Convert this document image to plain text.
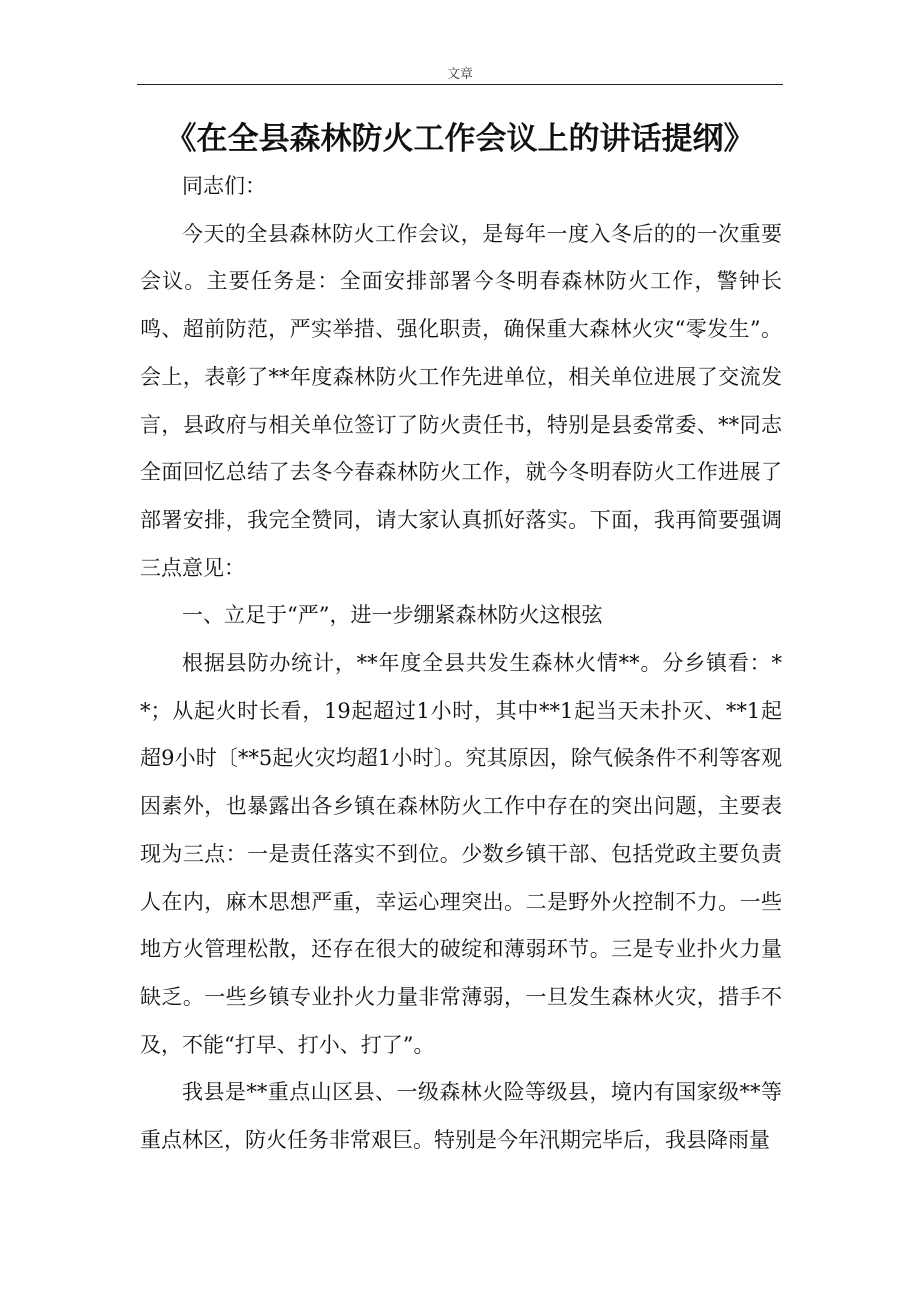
文章
《在全县森林防火工作会议上的讲话提纲》

同志们：

今天的全县森林防火工作会议，是每年一度入冬后的的一次重要会议。主要任务是：全面安排部署今冬明春森林防火工作，警钟长鸣、超前防范，严实举措、强化职责，确保重大森林火灾“零发生”。会上，表彰了**年度森林防火工作先进单位，相关单位进展了交流发言，县政府与相关单位签订了防火责任书，特别是县委常委、**同志全面回忆总结了去冬今春森林防火工作，就今冬明春防火工作进展了部署安排，我完全赞同，请大家认真抓好落实。下面，我再简要强调三点意见：

一、立足于“严”，进一步绷紧森林防火这根弦

根据县防办统计，**年度全县共发生森林火情**。分乡镇看：**；从起火时长看，19起超过1小时，其中**1起当天未扑灭、**1起超9小时〔**5起火灾均超1小时〕。究其原因，除气候条件不利等客观因素外，也暴露出各乡镇在森林防火工作中存在的突出问题，主要表现为三点：一是责任落实不到位。少数乡镇干部、包括党政主要负责人在内，麻木思想严重，幸运心理突出。二是野外火控制不力。一些地方火管理松散，还存在很大的破绽和薄弱环节。三是专业扑火力量缺乏。一些乡镇专业扑火力量非常薄弱，一旦发生森林火灾，措手不及，不能“打早、打小、打了”。

我县是**重点山区县、一级森林火险等级县，境内有国家级**等重点林区，防火任务非常艰巨。特别是今年汛期完毕后，我县降雨量
